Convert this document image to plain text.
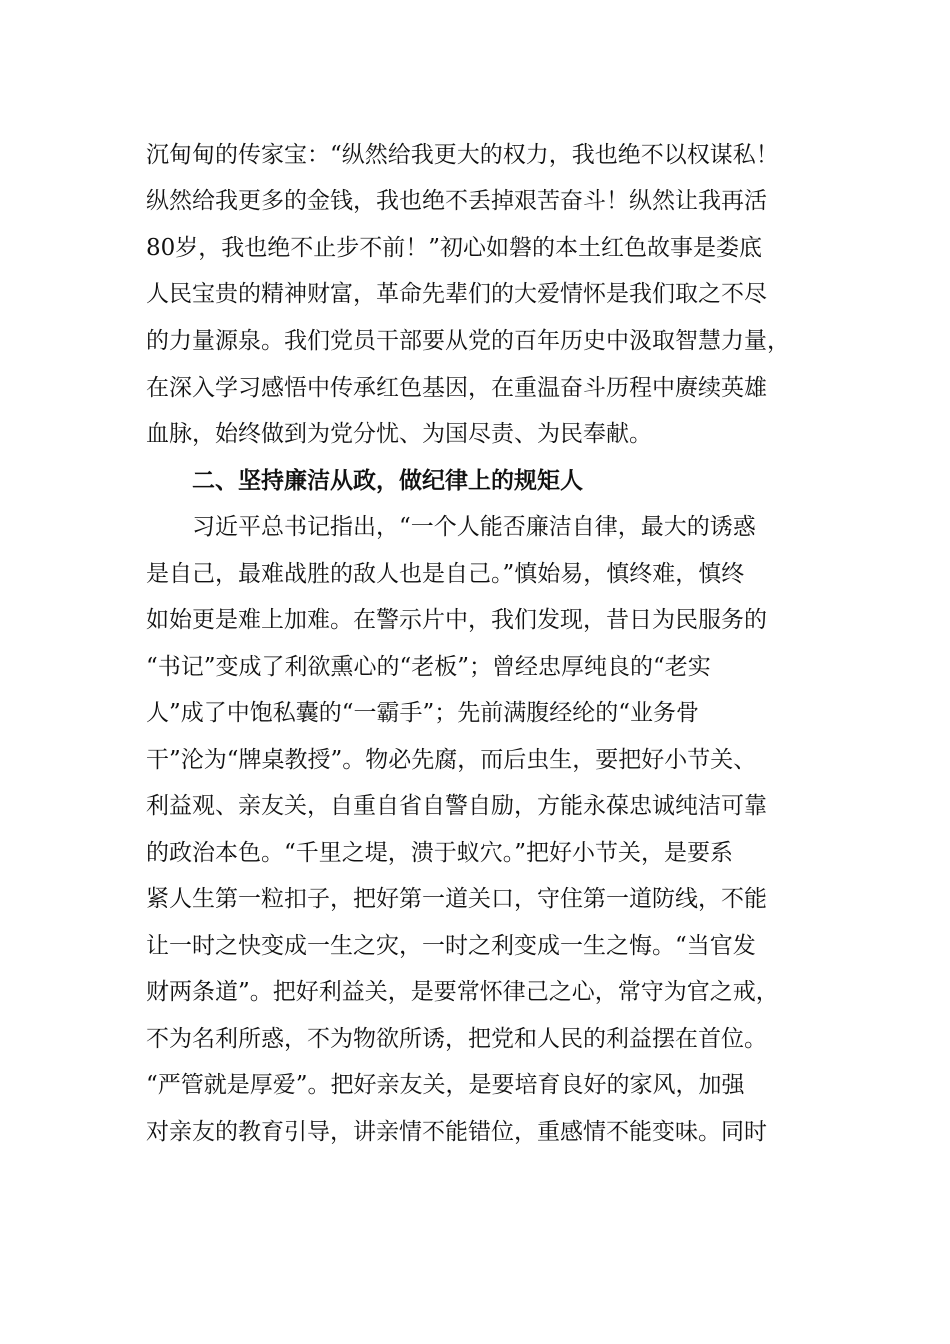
沉甸甸的传家宝：“纵然给我更大的权力，我也绝不以权谋私！
纵然给我更多的金钱，我也绝不丢掉艰苦奋斗！纵然让我再活
80岁，我也绝不止步不前！”初心如磐的本土红色故事是娄底
人民宝贵的精神财富，革命先辈们的大爱情怀是我们取之不尽
的力量源泉。我们党员干部要从党的百年历史中汲取智慧力量，
在深入学习感悟中传承红色基因，在重温奋斗历程中赓续英雄
血脉，始终做到为党分忧、为国尽责、为民奉献。
二、坚持廉洁从政，做纪律上的规矩人
习近平总书记指出，“一个人能否廉洁自律，最大的诱惑
是自己，最难战胜的敌人也是自己。”慎始易，慎终难，慎终
如始更是难上加难。在警示片中，我们发现，昔日为民服务的
“书记”变成了利欲熏心的“老板”；曾经忠厚纯良的“老实
人”成了中饱私囊的“一霸手”；先前满腹经纶的“业务骨
干”沦为“牌桌教授”。物必先腐，而后虫生，要把好小节关、
利益观、亲友关，自重自省自警自励，方能永葆忠诚纯洁可靠
的政治本色。“千里之堤，溃于蚁穴。”把好小节关，是要系
紧人生第一粒扣子，把好第一道关口，守住第一道防线，不能
让一时之快变成一生之灾，一时之利变成一生之悔。“当官发
财两条道”。把好利益关，是要常怀律己之心，常守为官之戒，
不为名利所惑，不为物欲所诱，把党和人民的利益摆在首位。
“严管就是厚爱”。把好亲友关，是要培育良好的家风，加强
对亲友的教育引导，讲亲情不能错位，重感情不能变味。同时
